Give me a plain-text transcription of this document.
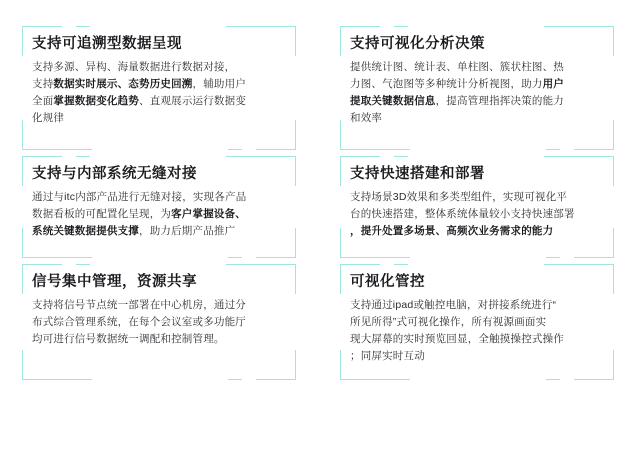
支持可追溯型数据呈现
支持多源、异构、海量数据进行数据对接，
支持数据实时展示、态势历史回溯，辅助用户
全面掌握数据变化趋势、直观展示运行数据变
化规律
支持可视化分析决策
提供统计图、统计表、单柱图、簇状柱图、热
力图、气泡图等多种统计分析视图，助力用户
提取关键数据信息，提高管理指挥决策的能力
和效率
支持与内部系统无缝对接
通过与itc内部产品进行无缝对接，实现各产品
数据看板的可配置化呈现，为客户掌握设备、
系统关键数据提供支撑，助力后期产品推广
支持快速搭建和部署
支持场景3D效果和多类型组件，实现可视化平
台的快速搭建，整体系统体量较小支持快速部署
，提升处置多场景、高频次业务需求的能力
信号集中管理，资源共享
支持将信号节点统一部署在中心机房，通过分
布式综合管理系统，在每个会议室或多功能厅
均可进行信号数据统一调配和控制管理。
可视化管控
支持通过ipad或触控电脑，对拼接系统进行“
所见所得”式可视化操作，所有视源画面实
现大屏幕的实时预览回显，全触摸操控式操作
；同屏实时互动
